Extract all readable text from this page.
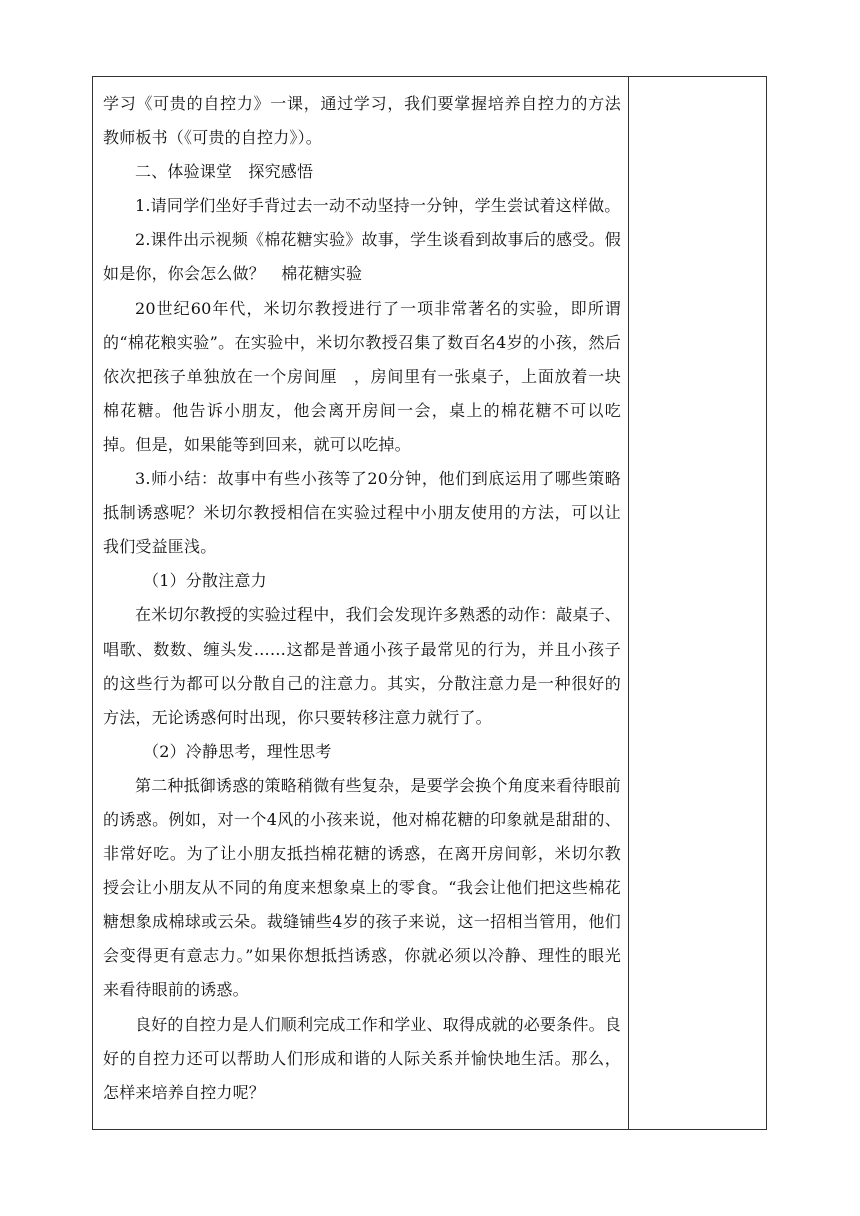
学习《可贵的自控力》一课，通过学习，我们要掌握培养自控力的方法教师板书（《可贵的自控力》）。

二、体验课堂　探究感悟

1.请同学们坐好手背过去一动不动坚持一分钟，学生尝试着这样做。

2.课件出示视频《棉花糖实验》故事，学生谈看到故事后的感受。假如是你，你会怎么做？　棉花糖实验

20世纪60年代，米切尔教授进行了一项非常著名的实验，即所谓的“棉花粮实验”。在实验中，米切尔教授召集了数百名4岁的小孩，然后依次把孩子单独放在一个房间厘　，房间里有一张桌子，上面放着一块棉花糖。他告诉小朋友，他会离开房间一会，桌上的棉花糖不可以吃掉。但是，如果能等到回来，就可以吃掉。

3.师小结：故事中有些小孩等了20分钟，他们到底运用了哪些策略抵制诱惑呢？米切尔教授相信在实验过程中小朋友使用的方法，可以让我们受益匪浅。

（1）分散注意力

在米切尔教授的实验过程中，我们会发现许多熟悉的动作：敲桌子、唱歌、数数、缠头发……这都是普通小孩子最常见的行为，并且小孩子的这些行为都可以分散自己的注意力。其实，分散注意力是一种很好的方法，无论诱惑何时出现，你只要转移注意力就行了。

（2）冷静思考，理性思考

第二种抵御诱惑的策略稍微有些复杂，是要学会换个角度来看待眼前的诱惑。例如，对一个4风的小孩来说，他对棉花糖的印象就是甜甜的、非常好吃。为了让小朋友抵挡棉花糖的诱惑，在离开房间彰，米切尔教授会让小朋友从不同的角度来想象桌上的零食。“我会让他们把这些棉花糖想象成棉球或云朵。裁缝铺些4岁的孩子来说，这一招相当管用，他们会变得更有意志力。”如果你想抵挡诱惑，你就必须以冷静、理性的眼光来看待眼前的诱惑。

良好的自控力是人们顺利完成工作和学业、取得成就的必要条件。良好的自控力还可以帮助人们形成和谐的人际关系并愉快地生活。那么，怎样来培养自控力呢？
